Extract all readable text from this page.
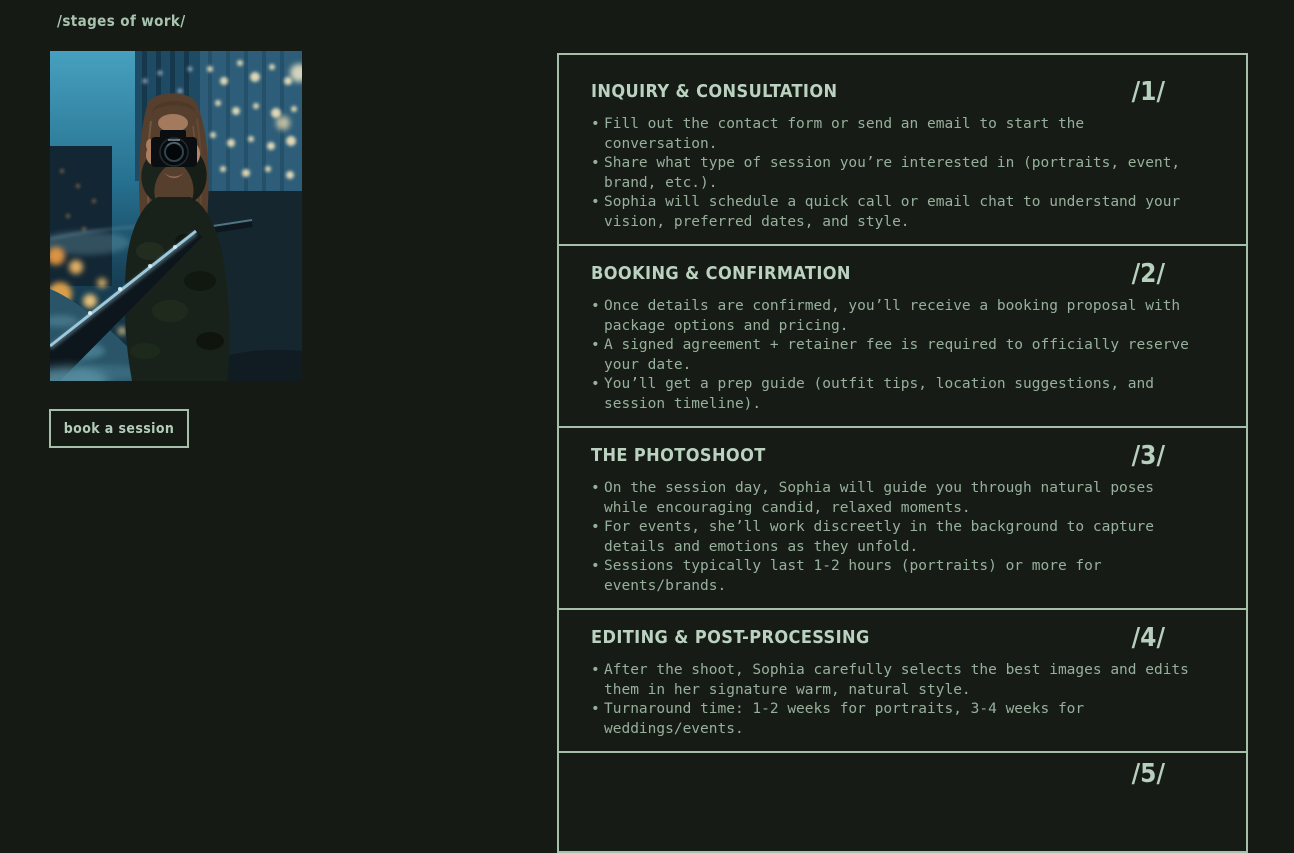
/stages of work/
book a session
INQUIRY & CONSULTATION	/1/
• Fill out the contact form or send an email to start the conversation.
• Share what type of session you’re interested in (portraits, event, brand, etc.).
• Sophia will schedule a quick call or email chat to understand your vision, preferred dates, and style.
BOOKING & CONFIRMATION	/2/
• Once details are confirmed, you’ll receive a booking proposal with package options and pricing.
• A signed agreement + retainer fee is required to officially reserve your date.
• You’ll get a prep guide (outfit tips, location suggestions, and session timeline).
THE PHOTOSHOOT	/3/
• On the session day, Sophia will guide you through natural poses while encouraging candid, relaxed moments.
• For events, she’ll work discreetly in the background to capture details and emotions as they unfold.
• Sessions typically last 1-2 hours (portraits) or more for events/brands.
EDITING & POST-PROCESSING	/4/
• After the shoot, Sophia carefully selects the best images and edits them in her signature warm, natural style.
• Turnaround time: 1-2 weeks for portraits, 3-4 weeks for weddings/events.
/5/
